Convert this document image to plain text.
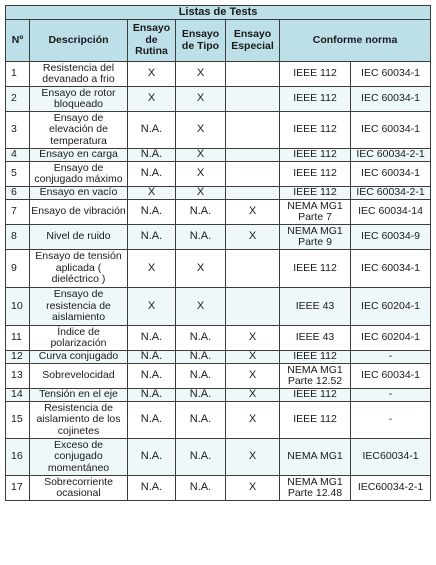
Listas de Tests						
Nº	Descripción	Ensayo de Rutina	Ensayo de Tipo	Ensayo Especial	Conforme norma	
1	Resistencia del devanado a frio	X	X		IEEE 112	IEC 60034-1
2	Ensayo de rotor bloqueado	X	X		IEEE 112	IEC 60034-1
3	Ensayo de elevación de temperatura	N.A.	X		IEEE 112	IEC 60034-1
4	Ensayo en carga	N.A.	X		IEEE 112	IEC 60034-2-1
5	Ensayo de conjugado máximo	N.A.	X		IEEE 112	IEC 60034-1
6	Ensayo en vacío	X	X		IEEE 112	IEC 60034-2-1
7	Ensayo de vibración	N.A.	N.A.	X	NEMA MG1 Parte 7	IEC 60034-14
8	Nivel de ruido	N.A.	N.A.	X	NEMA MG1 Parte 9	IEC 60034-9
9	Ensayo de tensión aplicada ( dieléctrico )	X	X		IEEE 112	IEC 60034-1
10	Ensayo de resistencia de aislamiento	X	X		IEEE 43	IEC 60204-1
11	Índice de polarización	N.A.	N.A.	X	IEEE 43	IEC 60204-1
12	Curva conjugado	N.A.	N.A.	X	IEEE 112	-
13	Sobrevelocidad	N.A.	N.A.	X	NEMA MG1 Parte 12.52	IEC 60034-1
14	Tensión en el eje	N.A.	N.A.	X	IEEE 112	-
15	Resistencia de aislamiento de los cojinetes	N.A.	N.A.	X	IEEE 112	-
16	Exceso de conjugado momentáneo	N.A.	N.A.	X	NEMA MG1	IEC60034-1
17	Sobrecorriente ocasional	N.A.	N.A.	X	NEMA MG1 Parte 12.48	IEC60034-2-1
